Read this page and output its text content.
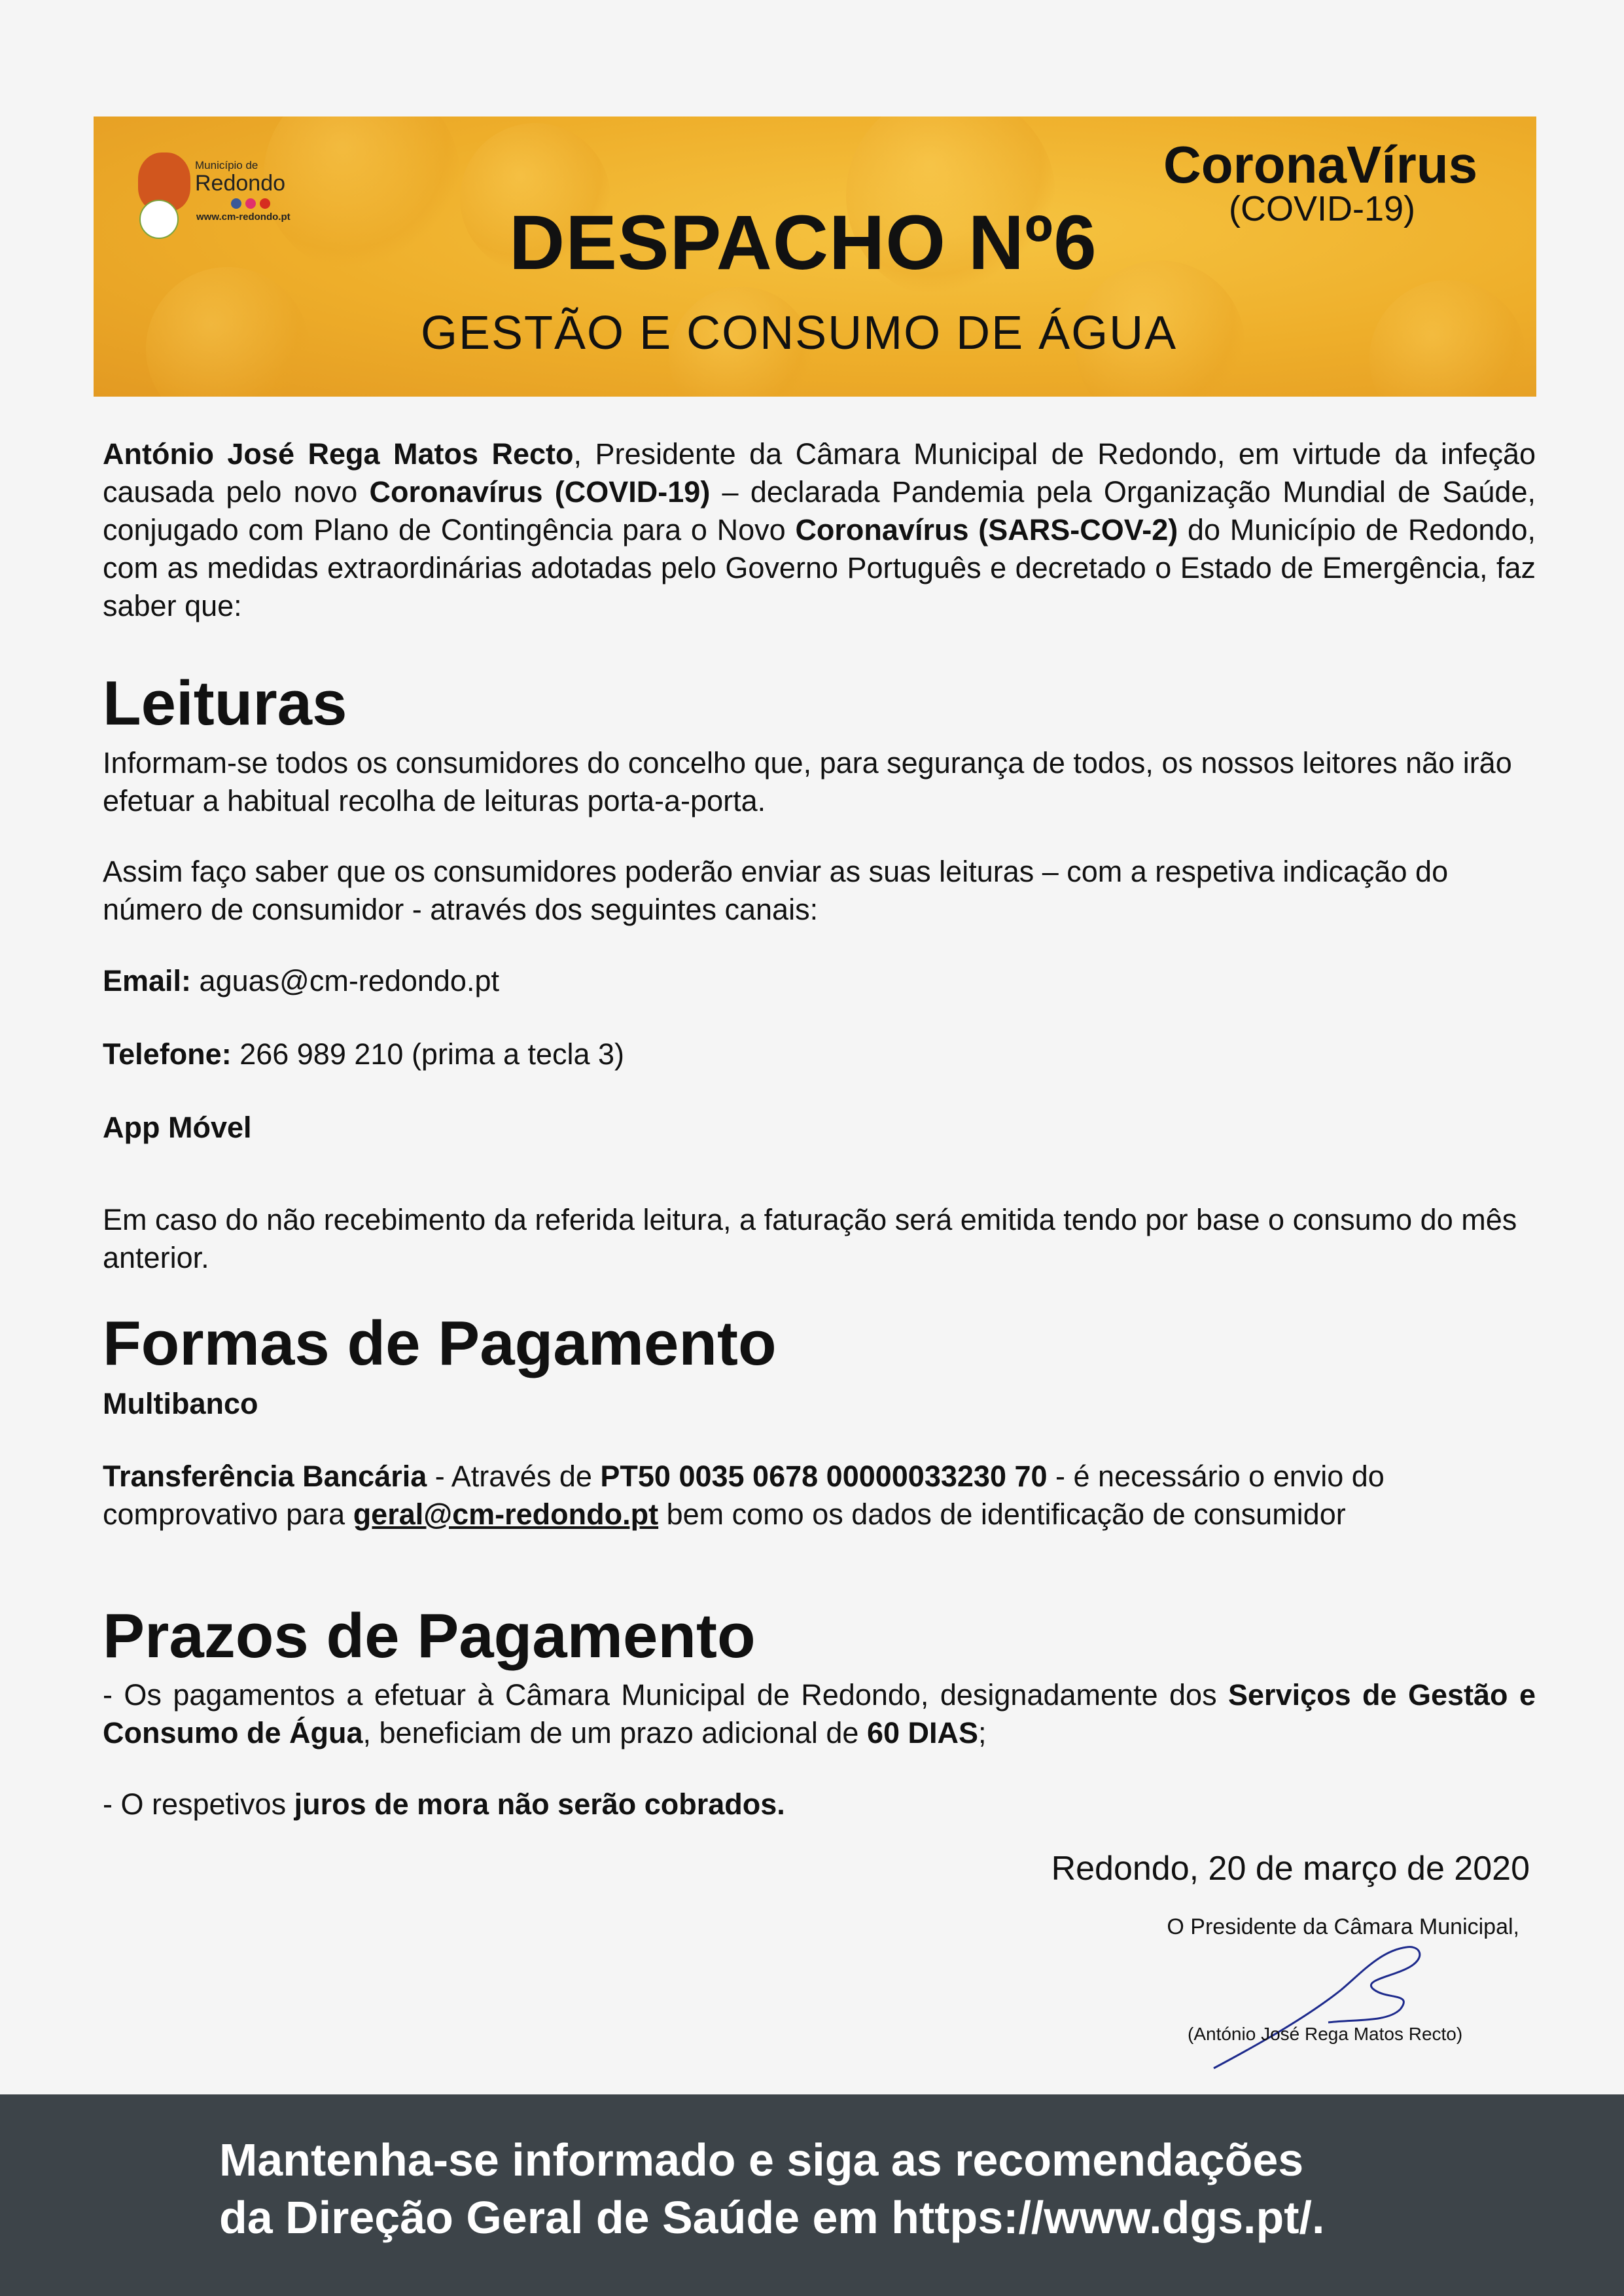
Município de
Redondo
www.cm-redondo.pt
CoronaVírus
(COVID-19)
DESPACHO Nº6
GESTÃO E CONSUMO DE ÁGUA
António José Rega Matos Recto, Presidente da Câmara Municipal de Redondo, em virtude da infeção causada pelo novo Coronavírus (COVID-19) – declarada Pandemia pela Organização Mundial de Saúde, conjugado com Plano de Contingência para o Novo Coronavírus (SARS-COV-2) do Município de Redondo, com as medidas extraordinárias adotadas pelo Governo Português e decretado o Estado de Emergência, faz saber que:
Leituras
Informam-se todos os consumidores do concelho que, para segurança de todos, os nossos leitores não irão efetuar a habitual recolha de leituras porta-a-porta.
Assim faço saber que os consumidores poderão enviar as suas leituras – com a respetiva indicação do número de consumidor - através dos seguintes canais:
Email: aguas@cm-redondo.pt
Telefone: 266 989 210 (prima a tecla 3)
App Móvel
Em caso do não recebimento da referida leitura, a faturação será emitida tendo por base o consumo do mês anterior.
Formas de Pagamento
Multibanco
Transferência Bancária - Através de PT50 0035 0678 00000033230 70 - é necessário o envio do comprovativo para geral@cm-redondo.pt bem como os dados de identificação de consumidor
Prazos de Pagamento
- Os pagamentos a efetuar à Câmara Municipal de Redondo, designadamente dos Serviços de Gestão e Consumo de Água, beneficiam de um prazo adicional de 60 DIAS;
- O respetivos juros de mora não serão cobrados.
Redondo, 20 de março de 2020
O Presidente da Câmara Municipal,
(António José Rega Matos Recto)
Mantenha-se informado e siga as recomendações
da Direção Geral de Saúde em https://www.dgs.pt/.
